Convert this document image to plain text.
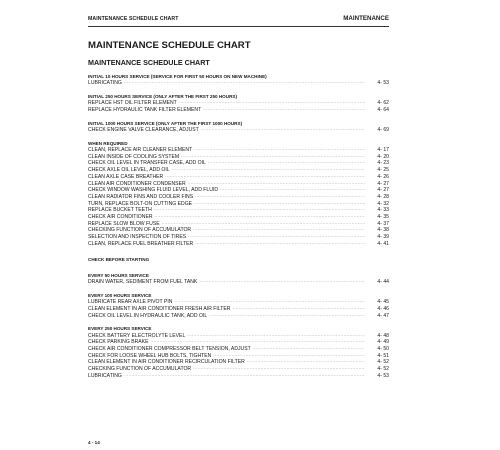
MAINTENANCE SCHEDULE CHART	MAINTENANCE
MAINTENANCE SCHEDULE CHART
MAINTENANCE SCHEDULE CHART
INITIAL 10 HOURS SERVICE (SERVICE FOR FIRST 50 HOURS ON NEW MACHINE)
LUBRICATING ·····	4- 53
INITIAL 250 HOURS SERVICE (ONLY AFTER THE FIRST 250 HOURS)
REPLACE HST OIL FILTER ELEMENT ·····	4- 62
REPLACE HYDRAULIC TANK FILTER ELEMENT ·····	4- 64
INITIAL 1000 HOURS SERVICE (ONLY AFTER THE FIRST 1000 HOURS)
CHECK ENGINE VALVE CLEARANCE, ADJUST ·····	4- 69
WHEN REQUIRED
CLEAN, REPLACE AIR CLEANER ELEMENT ·····	4- 17
CLEAN INSIDE OF COOLING SYSTEM ·····	4- 20
CHECK OIL LEVEL IN TRANSFER CASE, ADD OIL ·····	4- 23
CHECK AXLE OIL LEVEL, ADD OIL ·····	4- 25
CLEAN AXLE CASE BREATHER ·····	4- 26
CLEAN AIR CONDITIONER CONDENSER ·····	4- 27
CHECK WINDOW WASHING FLUID LEVEL, ADD FLUID ·····	4- 27
CLEAN RADIATOR FINS AND COOLER FINS ·····	4- 28
TURN, REPLACE BOLT-ON CUTTING EDGE ·····	4- 32
REPLACE BUCKET TEETH ·····	4- 33
CHECK AIR CONDITIONER ·····	4- 35
REPLACE SLOW BLOW FUSE ·····	4- 37
CHECKING FUNCTION OF ACCUMULATOR ·····	4- 38
SELECTION AND INSPECTION OF TIRES ·····	4- 39
CLEAN, REPLACE FUEL BREATHER FILTER ·····	4- 41
CHECK BEFORE STARTING
EVERY 50 HOURS SERVICE
DRAIN WATER, SEDIMENT FROM FUEL TANK ·····	4- 44
EVERY 100 HOURS SERVICE
LUBRICATE REAR AXLE PIVOT PIN ·····	4- 45
CLEAN ELEMENT IN AIR CONDITIONER FRESH AIR FILTER ·····	4- 46
CHECK OIL LEVEL IN HYDRAULIC TANK, ADD OIL ·····	4- 47
EVERY 250 HOURS SERVICE
CHECK BATTERY ELECTROLYTE LEVEL ·····	4- 48
CHECK PARKING BRAKE ·····	4- 49
CHECK AIR CONDITIONER COMPRESSOR BELT TENSION, ADJUST ·····	4- 50
CHECK FOR LOOSE WHEEL HUB BOLTS, TIGHTEN ·····	4- 51
CLEAN ELEMENT IN AIR CONDITIONER RECIRCULATION FILTER ·····	4- 52
CHECKING FUNCTION OF ACCUMULATOR ·····	4- 52
LUBRICATING ·····	4- 53
4 - 14
